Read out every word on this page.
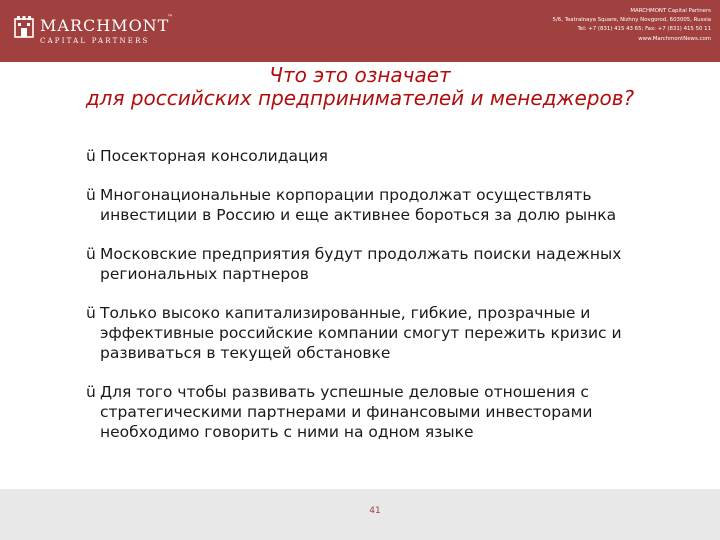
MARCHMONT
™
CAPITAL PARTNERS
MARCHMONT Capital Partners
5/6, Teatralnaya Square, Nizhny Novgorod, 603005, Russia
Tel: +7 (831) 415 43 65; Fax: +7 (831) 415 50 11
www.MarchmontNews.com
Что это означает
для российских предпринимателей и менеджеров?
ü Посекторная консолидация
ü Многонациональные корпорации продолжат осуществлять
инвестиции в Россию и еще активнее бороться за долю рынка
ü Московские предприятия будут продолжать поиски надежных
региональных партнеров
ü Только высоко капитализированные, гибкие, прозрачные и
эффективные российские компании смогут пережить кризис и
развиваться в текущей обстановке
ü Для того чтобы развивать успешные деловые отношения с
стратегическими партнерами и финансовыми инвесторами
необходимо говорить с ними на одном языке
41
